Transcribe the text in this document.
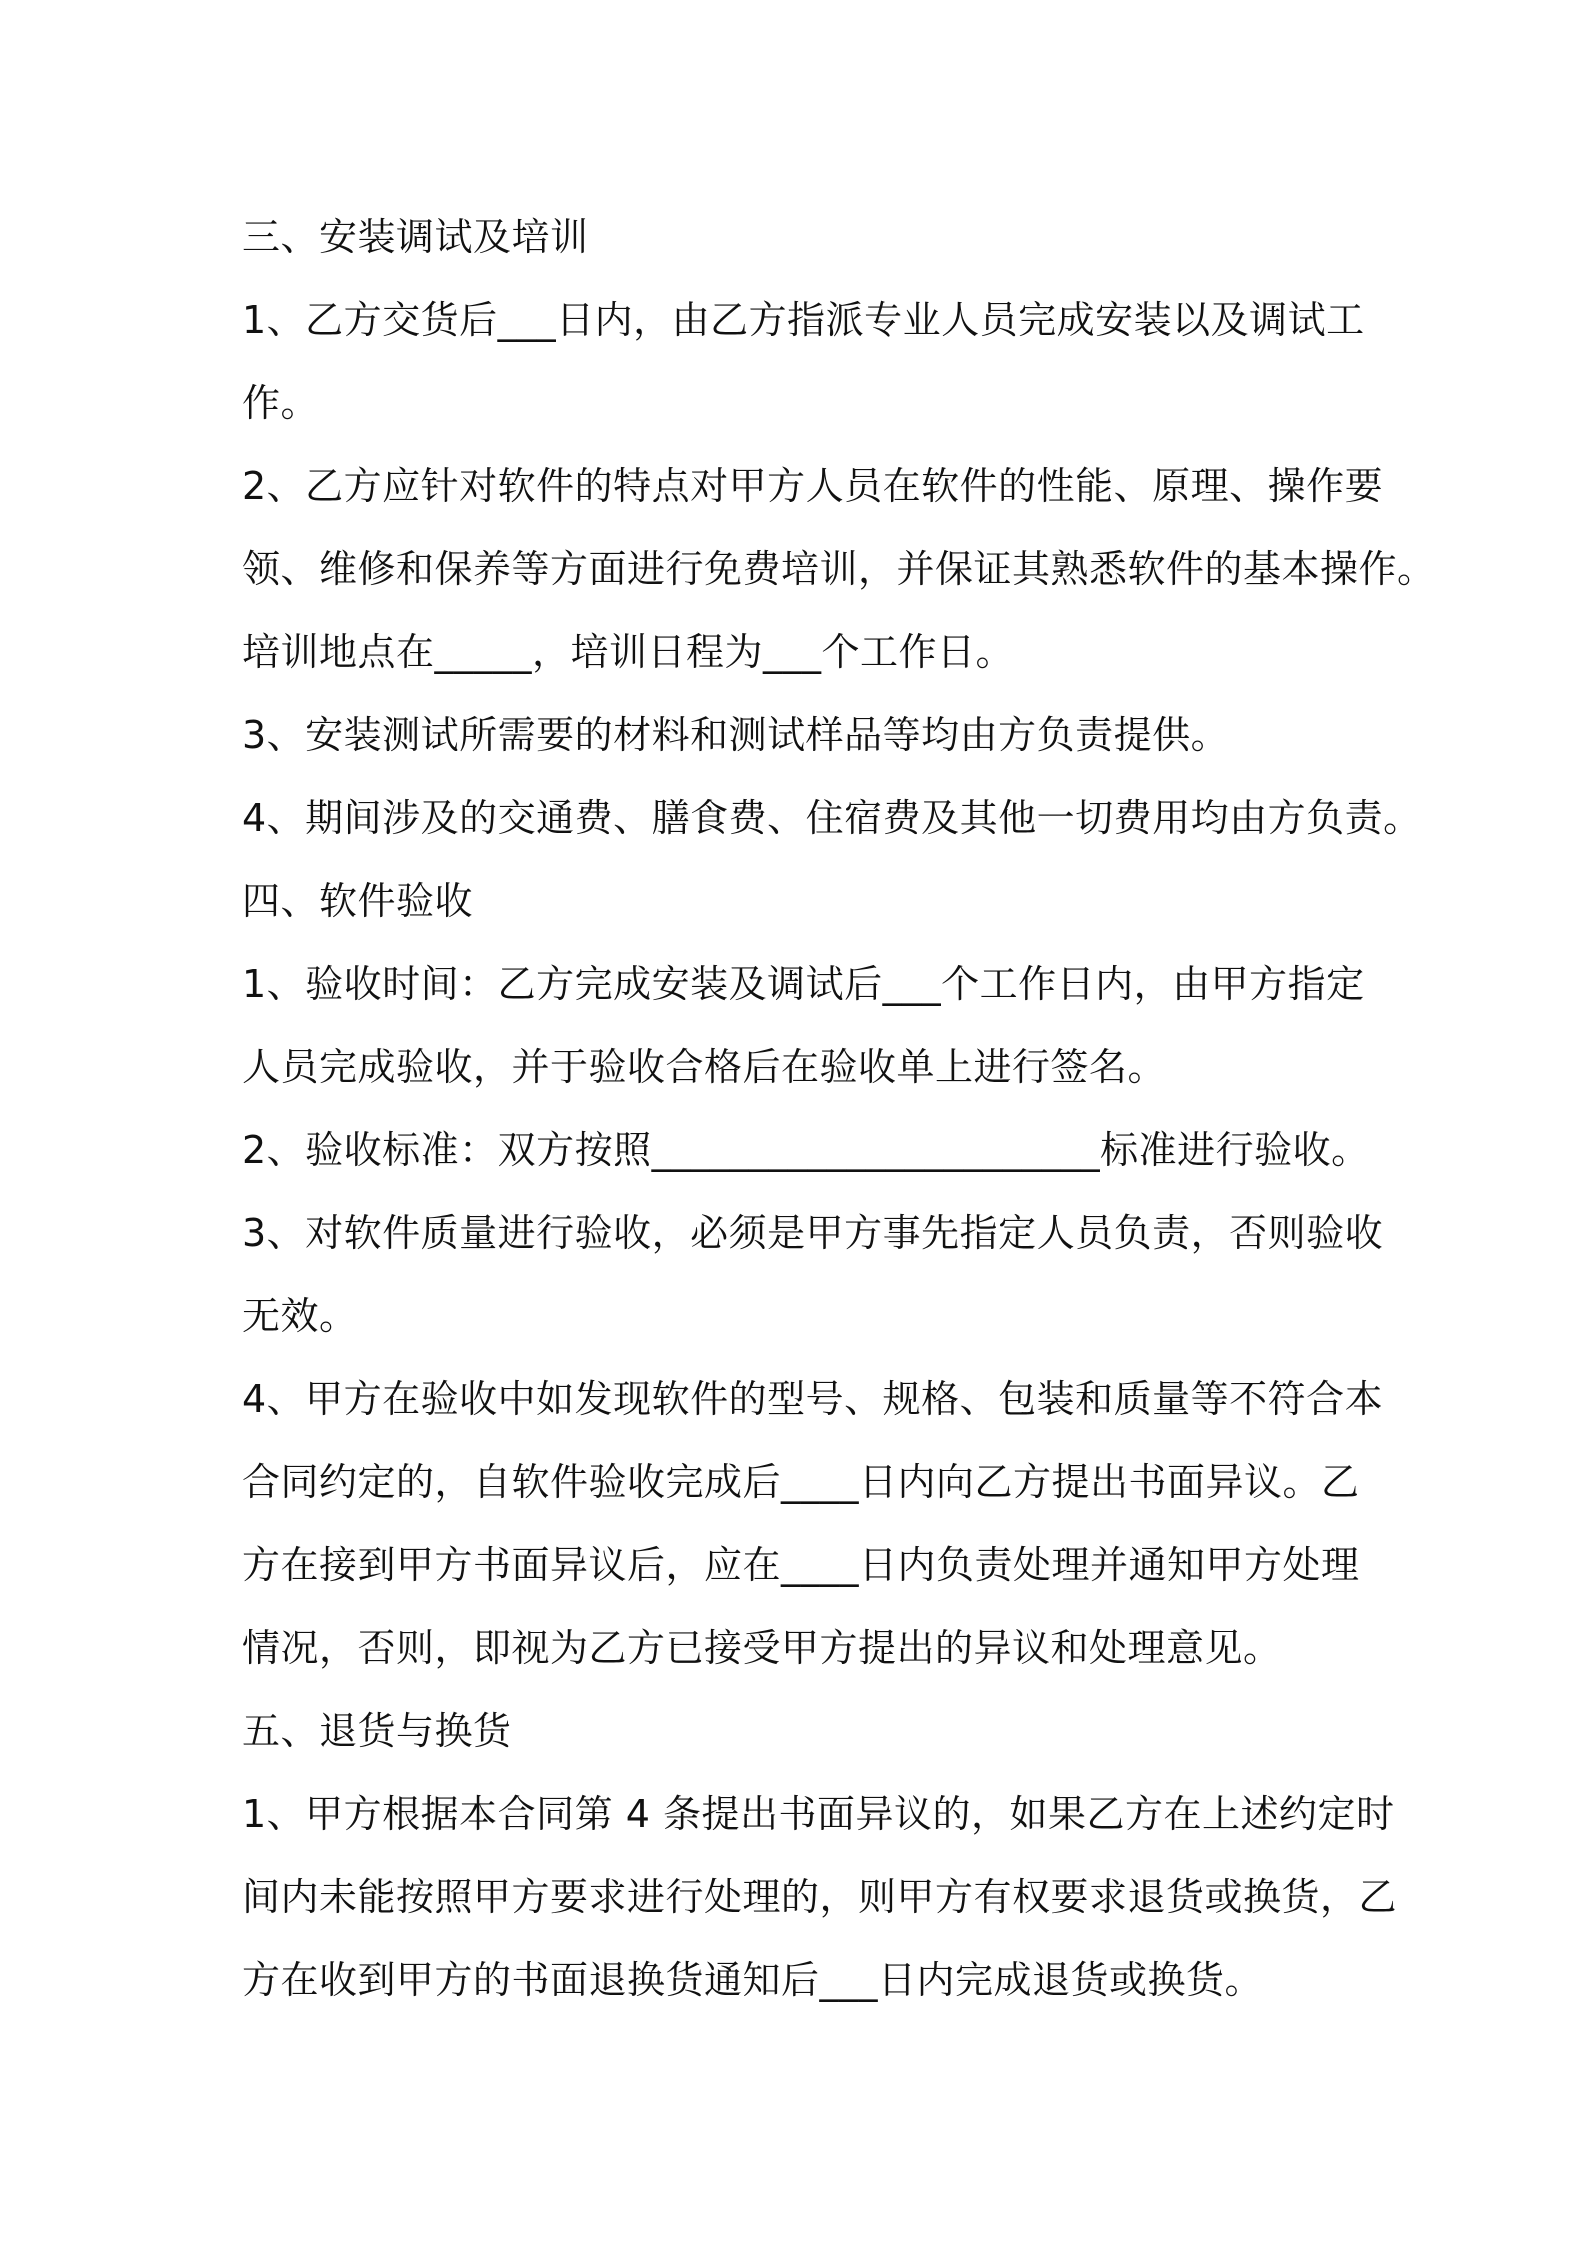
三、安装调试及培训
1、乙方交货后___日内，由乙方指派专业人员完成安装以及调试工
作。
2、乙方应针对软件的特点对甲方人员在软件的性能、原理、操作要
领、维修和保养等方面进行免费培训，并保证其熟悉软件的基本操作。
培训地点在_____，培训日程为___个工作日。
3、安装测试所需要的材料和测试样品等均由方负责提供。
4、期间涉及的交通费、膳食费、住宿费及其他一切费用均由方负责。
四、软件验收
1、验收时间：乙方完成安装及调试后___个工作日内，由甲方指定
人员完成验收，并于验收合格后在验收单上进行签名。
2、验收标准：双方按照_______________________标准进行验收。
3、对软件质量进行验收，必须是甲方事先指定人员负责，否则验收
无效。
4、甲方在验收中如发现软件的型号、规格、包装和质量等不符合本
合同约定的，自软件验收完成后____日内向乙方提出书面异议。乙
方在接到甲方书面异议后，应在____日内负责处理并通知甲方处理
情况，否则，即视为乙方已接受甲方提出的异议和处理意见。
五、退货与换货
1、甲方根据本合同第 4 条提出书面异议的，如果乙方在上述约定时
间内未能按照甲方要求进行处理的，则甲方有权要求退货或换货，乙
方在收到甲方的书面退换货通知后___日内完成退货或换货。
